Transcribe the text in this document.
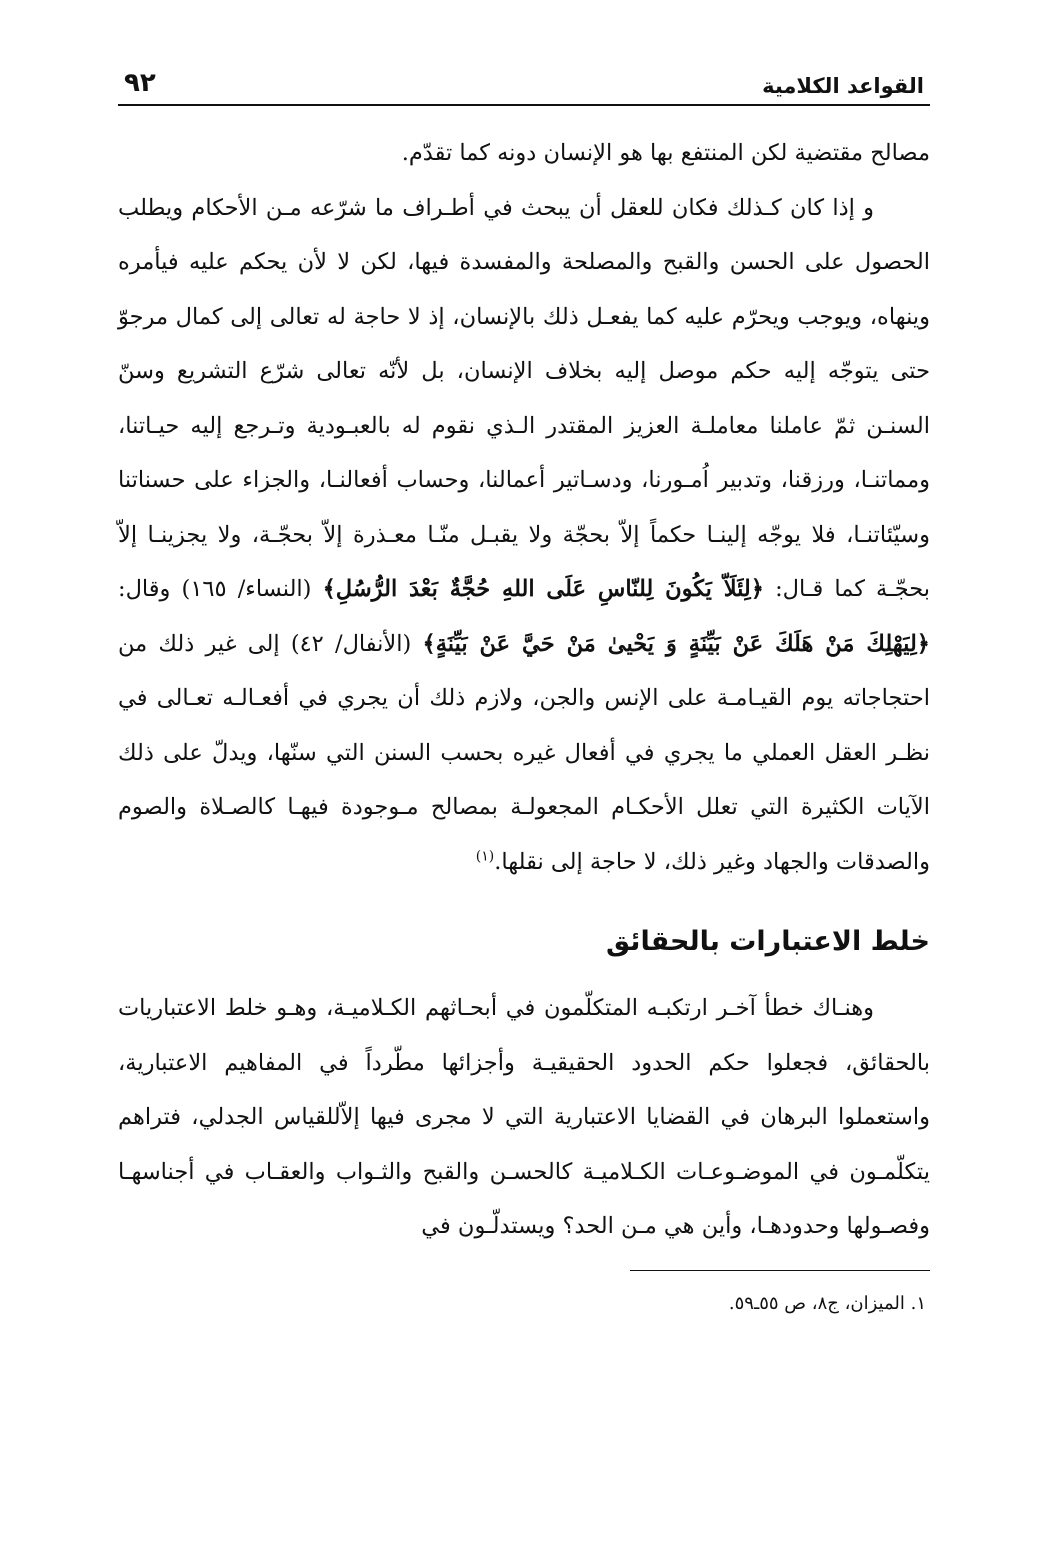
القواعد الكلامية
٩٢

مصالح مقتضية لكن المنتفع بها هو الإنسان دونه كما تقدّم.

و إذا كان كـذلك فكان للعقل أن يبحث في أطـراف ما شرّعه مـن الأحكام ويطلب الحصول على الحسن والقبح والمصلحة والمفسدة فيها، لكن لا لأن يحكم عليه فيأمره وينهاه، ويوجب ويحرّم عليه كما يفعـل ذلك بالإنسان، إذ لا حاجة له تعالى إلى كمال مرجوّ حتى يتوجّه إليه حكم موصل إليه بخلاف الإنسان، بل لأنّه تعالى شرّع التشريع وسنّ السنـن ثمّ عاملنا معاملـة العزيز المقتدر الـذي نقوم له بالعبـودية وتـرجع إليه حيـاتنا، ومماتنـا، ورزقنا، وتدبير اُمـورنا، ودسـاتير أعمالنا، وحساب أفعالنـا، والجزاء على حسناتنا وسيّئاتنـا، فلا يوجّه إلينـا حكماً إلاّ بحجّة ولا يقبـل منّـا معـذرة إلاّ بحجّـة، ولا يجزينـا إلاّ بحجّـة كما قـال: ﴿لِئَلَاّ يَكُونَ لِلنّاسِ عَلَى اللهِ حُجَّةٌ بَعْدَ الرُّسُلِ﴾ (النساء/ ١٦٥) وقال: ﴿لِيَهْلِكَ مَنْ هَلَكَ عَنْ بَيِّنَةٍ وَ يَحْيىٰ مَنْ حَيَّ عَنْ بَيِّنَةٍ﴾ (الأنفال/ ٤٢) إلى غير ذلك من احتجاجاته يوم القيـامـة على الإنس والجن، ولازم ذلك أن يجري في أفعـالـه تعـالى في نظـر العقل العملي ما يجري في أفعال غيره بحسب السنن التي سنّها، ويدلّ على ذلك الآيات الكثيرة التي تعلل الأحكـام المجعولـة بمصالح مـوجودة فيهـا كالصـلاة والصوم والصدقات والجهاد وغير ذلك، لا حاجة إلى نقلها.$^{(١)}$

خلط الاعتبارات بالحقائق

وهنـاك خطأ آخـر ارتكبـه المتكلّمون في أبحـاثهم الكـلاميـة، وهـو خلط الاعتباريات بالحقائق، فجعلوا حكم الحدود الحقيقيـة وأجزائها مطّرداً في المفاهيم الاعتبارية، واستعملوا البرهان في القضايا الاعتبارية التي لا مجرى فيها إلاّللقياس الجدلي، فتراهم يتكلّمـون في الموضـوعـات الكـلاميـة كالحسـن والقبح والثـواب والعقـاب في أجناسهـا وفصـولها وحدودهـا، وأين هي مـن الحد؟ ويستدلّـون في

١. الميزان، ج٨، ص ٥٥ـ٥٩.
